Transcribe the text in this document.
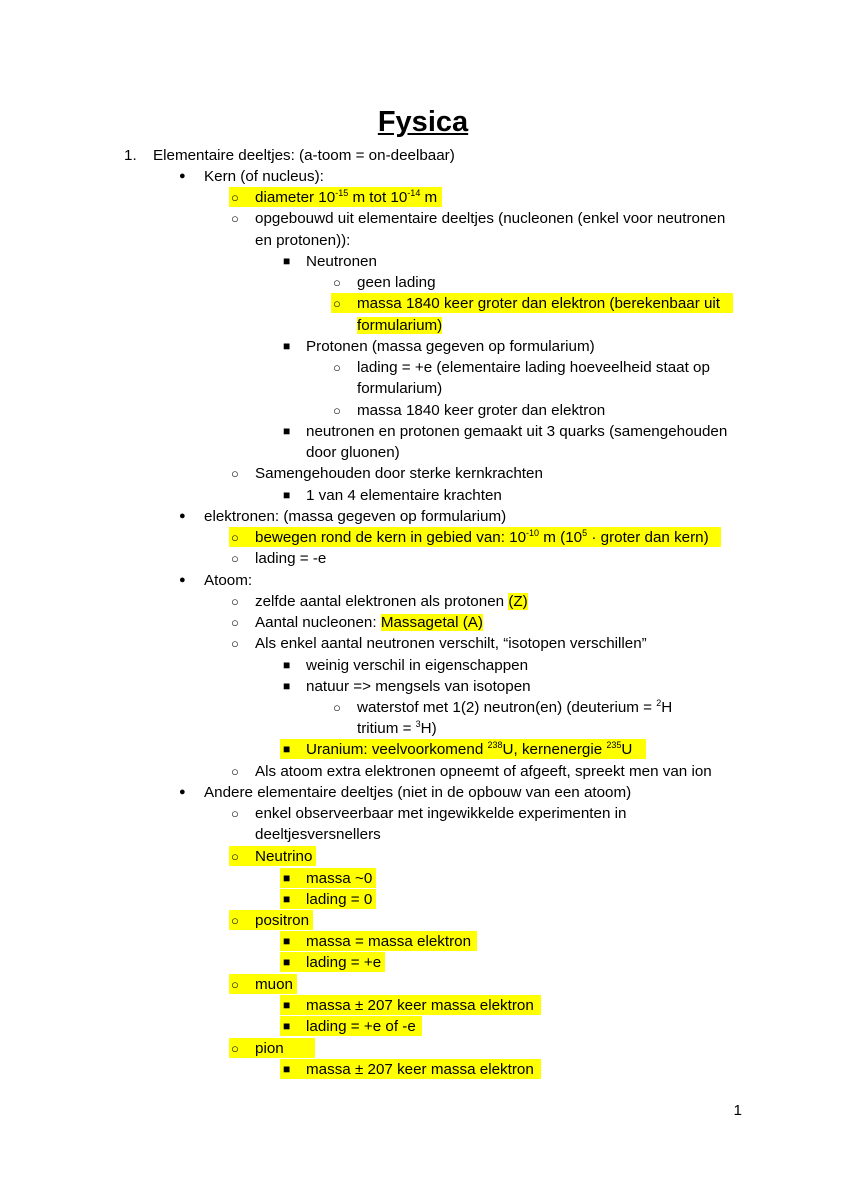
Fysica
1.
●
○
○
■
○
○
■
○
○
■
○
■
●
○
○
●
○
○
○
■
■
○
■
○
●
○
○
■
■
○
■
■
○
■
■
○
■
Elementaire deeltjes: (a-toom = on-deelbaar)
Kern (of nucleus):
diameter $10^{-15}$ m tot $10^{-14}$ m
opgebouwd uit elementaire deeltjes (nucleonen (enkel voor neutronen
en protonen)):
Neutronen
geen lading
massa 1840 keer groter dan elektron (berekenbaar uit
formularium)
Protonen (massa gegeven op formularium)
lading = +e (elementaire lading hoeveelheid staat op
formularium)
massa 1840 keer groter dan elektron
neutronen en protonen gemaakt uit 3 quarks (samengehouden
door gluonen)
Samengehouden door sterke kernkrachten
1 van 4 elementaire krachten
elektronen: (massa gegeven op formularium)
bewegen rond de kern in gebied van: $10^{-10}$ m ($10^5$ · groter dan kern)
lading = -e
Atoom:
zelfde aantal elektronen als protonen (Z)
Aantal nucleonen: Massagetal (A)
Als enkel aantal neutronen verschilt, “isotopen verschillen”
weinig verschil in eigenschappen
natuur => mengsels van isotopen
waterstof met 1(2) neutron(en) (deuterium = $^2$H
tritium = $^3$H)
Uranium: veelvoorkomend $^{238}$U, kernenergie $^{235}$U
Als atoom extra elektronen opneemt of afgeeft, spreekt men van ion
Andere elementaire deeltjes (niet in de opbouw van een atoom)
enkel observeerbaar met ingewikkelde experimenten in
deeltjesversnellers
Neutrino
massa ~0
lading = 0
positron
massa = massa elektron
lading = +e
muon
massa ± 207 keer massa elektron
lading = +e of -e
pion
massa ± 207 keer massa elektron
1
